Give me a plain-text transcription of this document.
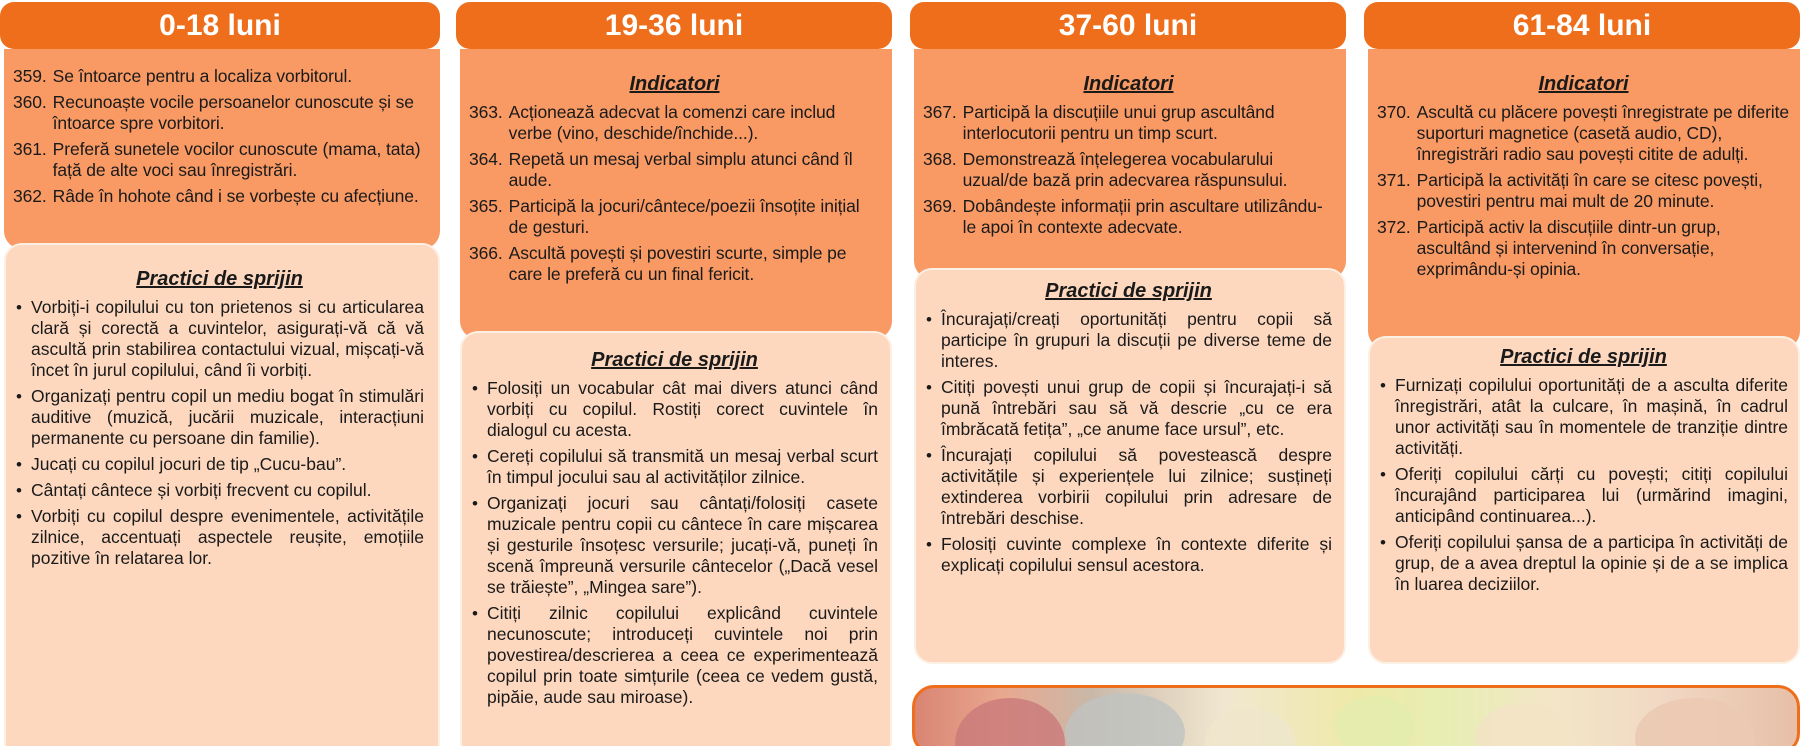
0-18 luni
359. Se întoarce pentru a localiza vorbitorul.
360. Recunoaște vocile persoanelor cunoscute și se întoarce spre vorbitori.
361. Preferă sunetele vocilor cunoscute (mama, tata) față de alte voci sau înregistrări.
362. Râde în hohote când i se vorbește cu afecțiune.
Practici de sprijin
• Vorbiți-i copilului cu ton prietenos si cu articularea clară și corectă a cuvintelor, asigurați-vă că vă ascultă prin stabilirea contactului vizual, mișcați-vă încet în jurul copilului, când îi vorbiți.
• Organizați pentru copil un mediu bogat în stimulări auditive (muzică, jucării muzicale, interacțiuni permanente cu persoane din familie).
• Jucați cu copilul jocuri de tip „Cucu-bau”.
• Cântați cântece și vorbiți frecvent cu copilul.
• Vorbiți cu copilul despre evenimentele, activitățile zilnice, accentuați aspectele reușite, emoțiile pozitive în relatarea lor.
19-36 luni
Indicatori
363. Acționează adecvat la comenzi care includ verbe (vino, deschide/închide...).
364. Repetă un mesaj verbal simplu atunci când îl aude.
365. Participă la jocuri/cântece/poezii însoțite inițial de gesturi.
366. Ascultă povești și povestiri scurte, simple pe care le preferă cu un final fericit.
Practici de sprijin
• Folosiți un vocabular cât mai divers atunci când vorbiți cu copilul. Rostiți corect cuvintele în dialogul cu acesta.
• Cereți copilului să transmită un mesaj verbal scurt în timpul jocului sau al activităților zilnice.
• Organizați jocuri sau cântați/folosiți casete muzicale pentru copii cu cântece în care mișcarea și gesturile însoțesc versurile; jucați-vă, puneți în scenă împreună versurile cântecelor („Dacă vesel se trăiește”, „Mingea sare”).
• Citiți zilnic copilului explicând cuvintele necunoscute; introduceți cuvintele noi prin povestirea/descrierea a ceea ce experimentează copilul prin toate simțurile (ceea ce vedem gustă, pipăie, aude sau miroase).
37-60 luni
Indicatori
367. Participă la discuțiile unui grup ascultând interlocutorii pentru un timp scurt.
368. Demonstrează înțelegerea vocabularului uzual/de bază prin adecvarea răspunsului.
369. Dobândește informații prin ascultare utilizându-le apoi în contexte adecvate.
Practici de sprijin
• Încurajați/creați oportunități pentru copii să participe în grupuri la discuții pe diverse teme de interes.
• Citiți povești unui grup de copii și încurajați-i să pună întrebări sau să vă descrie „cu ce era îmbrăcată fetița”, „ce anume face ursul”, etc.
• Încurajați copilului să povestească despre activitățile și experiențele lui zilnice; susțineți extinderea vorbirii copilului prin adresare de întrebări deschise.
• Folosiți cuvinte complexe în contexte diferite și explicați copilului sensul acestora.
61-84 luni
Indicatori
370. Ascultă cu plăcere povești înregistrate pe diferite suporturi magnetice (casetă audio, CD), înregistrări radio sau povești citite de adulți.
371. Participă la activități în care se citesc povești, povestiri pentru mai mult de 20 minute.
372. Participă activ la discuțiile dintr-un grup, ascultând și intervenind în conversație, exprimându-și opinia.
Practici de sprijin
• Furnizați copilului oportunități de a asculta diferite înregistrări, atât la culcare, în mașină, în cadrul unor activități sau în momentele de tranziție dintre activități.
• Oferiți copilului cărți cu povești; citiți copilului încurajând participarea lui (urmărind imagini, anticipând continuarea...).
• Oferiți copilului șansa de a participa în activități de grup, de a avea dreptul la opinie și de a se implica în luarea deciziilor.
